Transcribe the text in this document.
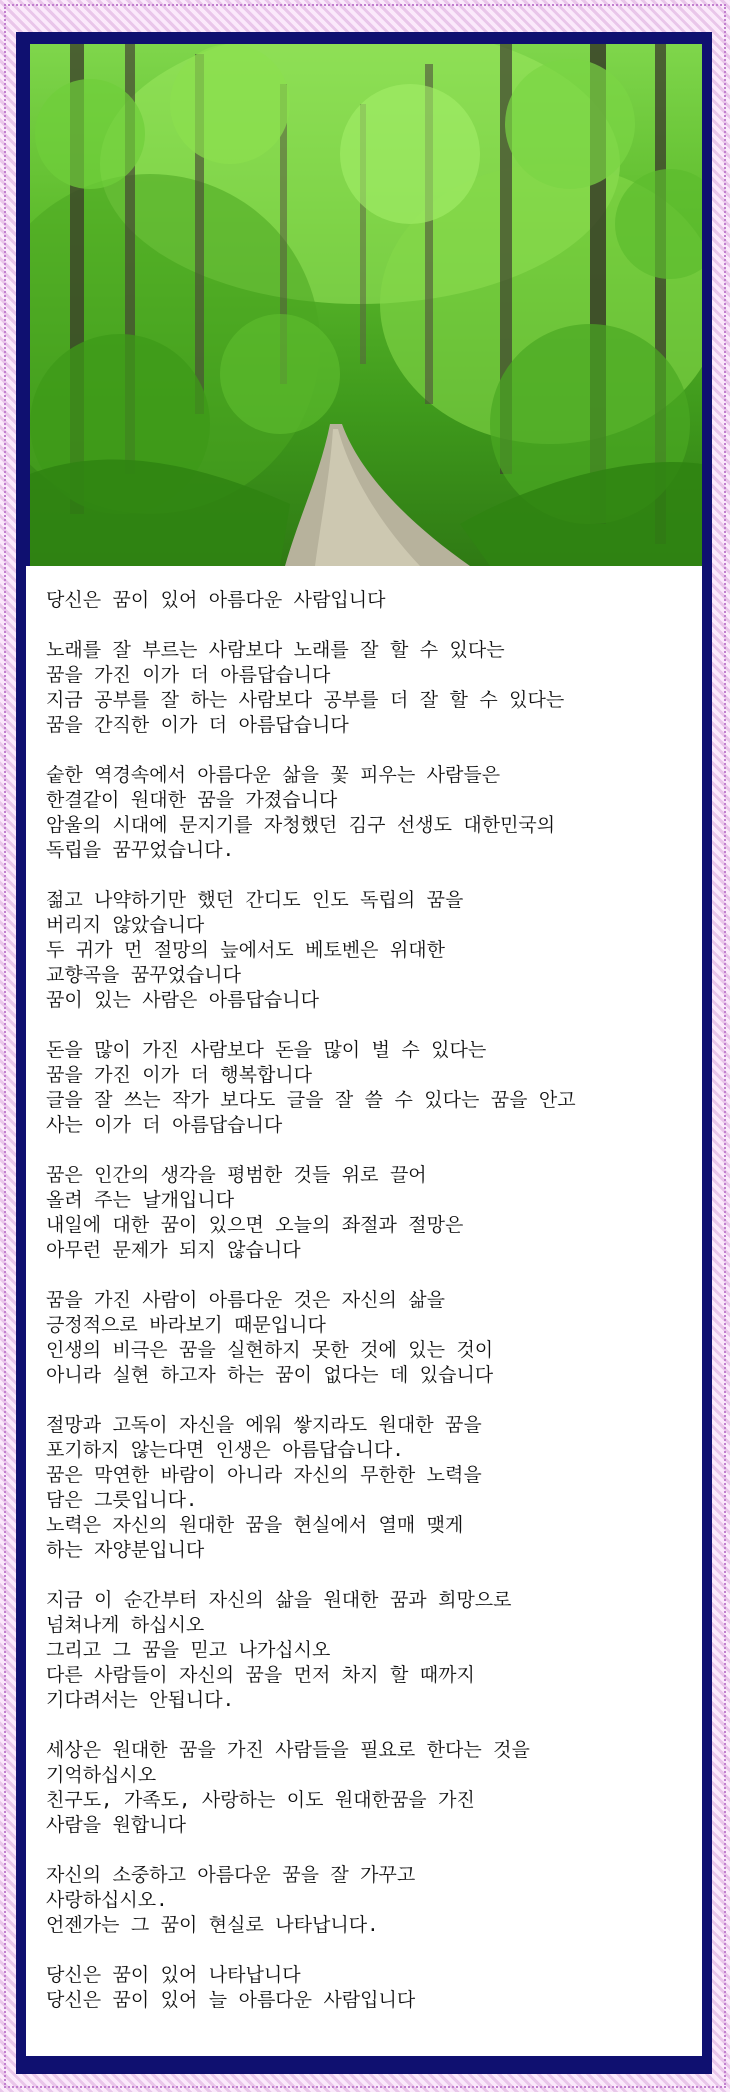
당신은 꿈이 있어 아름다운 사람입니다
노래를 잘 부르는 사람보다 노래를 잘 할 수 있다는
꿈을 가진 이가 더 아름답습니다
지금 공부를 잘 하는 사람보다 공부를 더 잘 할 수 있다는
꿈을 간직한 이가 더 아름답습니다
숱한 역경속에서 아름다운 삶을 꽃 피우는 사람들은
한결같이 원대한 꿈을 가졌습니다
암울의 시대에 문지기를 자청했던 김구 선생도 대한민국의
독립을 꿈꾸었습니다.
젊고 나약하기만 했던 간디도 인도 독립의 꿈을
버리지 않았습니다
두 귀가 먼 절망의 늪에서도 베토벤은 위대한
교향곡을 꿈꾸었습니다
꿈이 있는 사람은 아름답습니다
돈을 많이 가진 사람보다 돈을 많이 벌 수 있다는
꿈을 가진 이가 더 행복합니다
글을 잘 쓰는 작가 보다도 글을 잘 쓸 수 있다는 꿈을 안고
사는 이가 더 아름답습니다
꿈은 인간의 생각을 평범한 것들 위로 끌어
올려 주는 날개입니다
내일에 대한 꿈이 있으면 오늘의 좌절과 절망은
아무런 문제가 되지 않습니다
꿈을 가진 사람이 아름다운 것은 자신의 삶을
긍정적으로 바라보기 때문입니다
인생의 비극은 꿈을 실현하지 못한 것에 있는 것이
아니라 실현 하고자 하는 꿈이 없다는 데 있습니다
절망과 고독이 자신을 에워 쌓지라도 원대한 꿈을
포기하지 않는다면 인생은 아름답습니다.
꿈은 막연한 바람이 아니라 자신의 무한한 노력을
담은 그릇입니다.
노력은 자신의 원대한 꿈을 현실에서 열매 맺게
하는 자양분입니다
지금 이 순간부터 자신의 삶을 원대한 꿈과 희망으로
넘쳐나게 하십시오
그리고 그 꿈을 믿고 나가십시오
다른 사람들이 자신의 꿈을 먼저 차지 할 때까지
기다려서는 안됩니다.
세상은 원대한 꿈을 가진 사람들을 필요로 한다는 것을
기억하십시오
친구도, 가족도, 사랑하는 이도 원대한꿈을 가진
사람을 원합니다
자신의 소중하고 아름다운 꿈을 잘 가꾸고
사랑하십시오.
언젠가는 그 꿈이 현실로 나타납니다.
당신은 꿈이 있어 나타납니다
당신은 꿈이 있어 늘 아름다운 사람입니다
